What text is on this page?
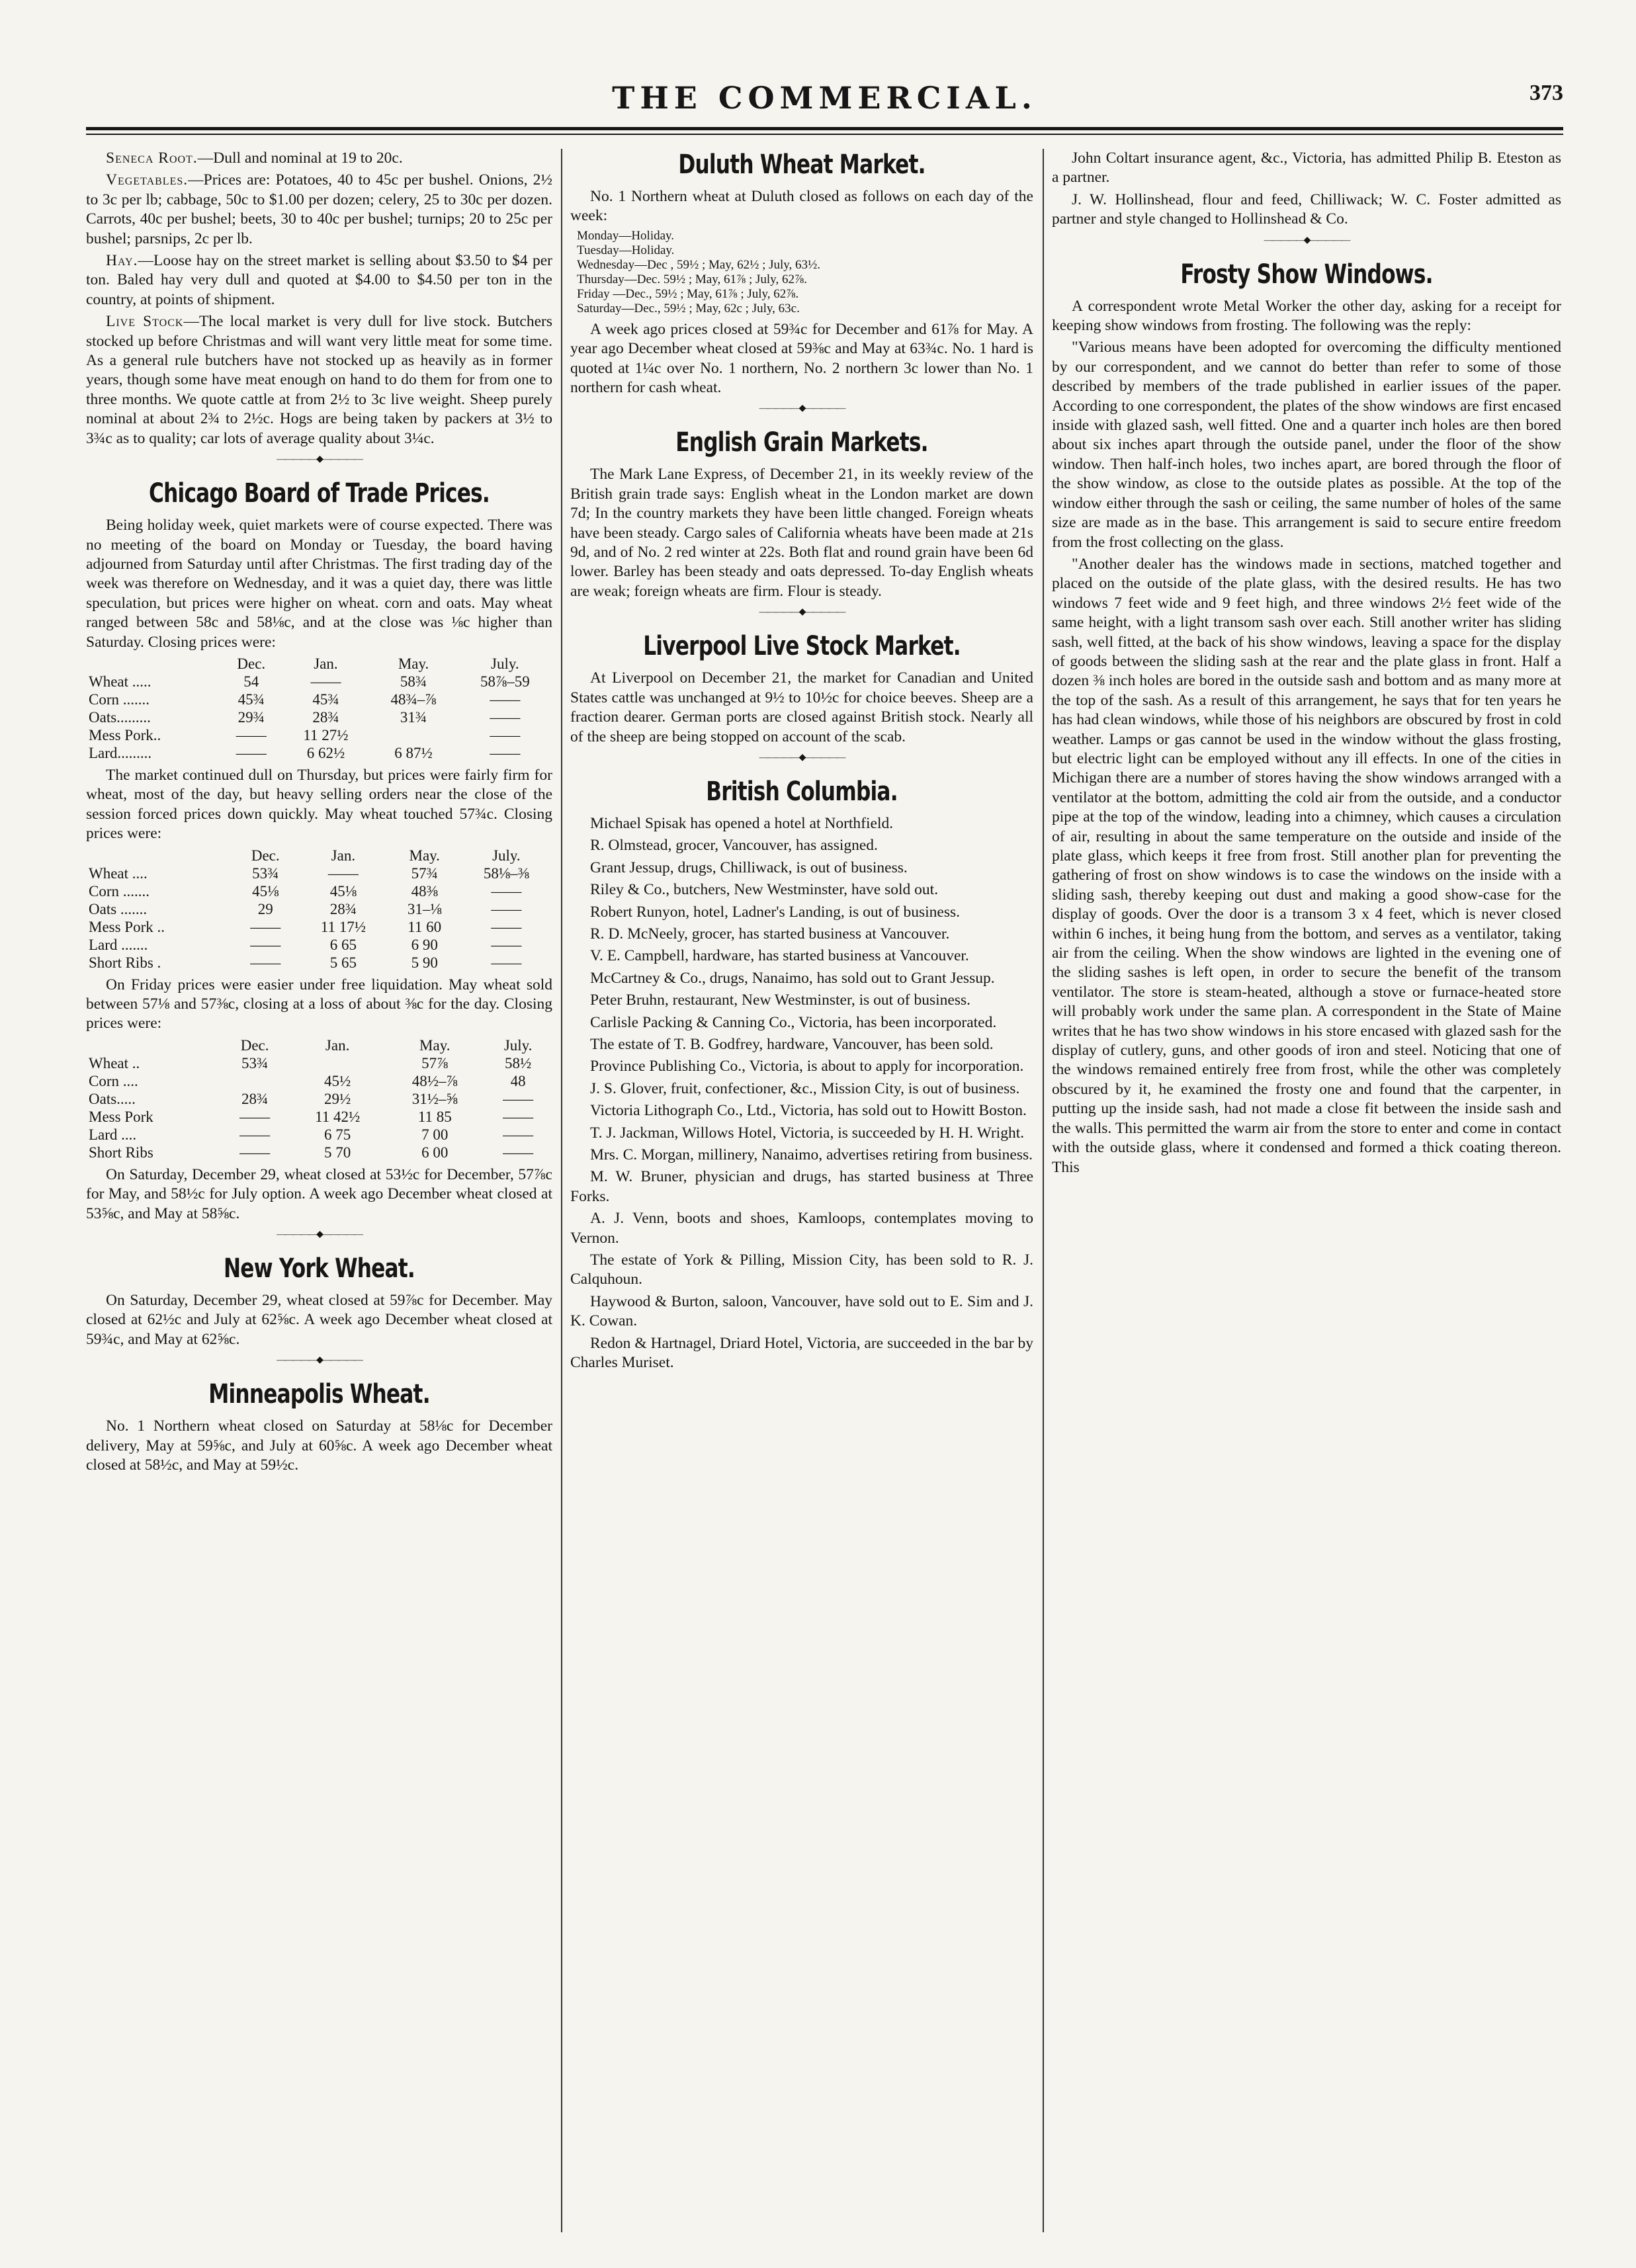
THE COMMERCIAL.	373

Seneca Root.—Dull and nominal at 19 to 20c.

Vegetables.—Prices are: Potatoes, 40 to 45c per bushel. Onions, 2½ to 3c per lb; cabbage, 50c to $1.00 per dozen; celery, 25 to 30c per dozen. Carrots, 40c per bushel; beets, 30 to 40c per bushel; turnips; 20 to 25c per bushel; parsnips, 2c per lb.

Hay.—Loose hay on the street market is selling about $3.50 to $4 per ton. Baled hay very dull and quoted at $4.00 to $4.50 per ton in the country, at points of shipment.

Live Stock—The local market is very dull for live stock. Butchers stocked up before Christmas and will want very little meat for some time. As a general rule butchers have not stocked up as heavily as in former years, though some have meat enough on hand to do them for from one to three months. We quote cattle at from 2½ to 3c live weight. Sheep purely nominal at about 2¾ to 2½c. Hogs are being taken by packers at 3½ to 3¾c as to quality; car lots of average quality about 3¼c.

—————◆—————
Chicago Board of Trade Prices.

Being holiday week, quiet markets were of course expected. There was no meeting of the board on Monday or Tuesday, the board having adjourned from Saturday until after Christmas. The first trading day of the week was therefore on Wednesday, and it was a quiet day, there was little speculation, but prices were higher on wheat. corn and oats. May wheat ranged between 58c and 58⅛c, and at the close was ⅛c higher than Saturday. Closing prices were:

	Dec.	Jan.	May.	July.
Wheat .....	54	——	58¾	58⅞–59
Corn .......	45¾	45¾	48¾–⅞	——
Oats.........	29¾	28¾	31¾	——
Mess Pork..	——	11 27½		——
Lard.........	——	6 62½	6 87½	——

The market continued dull on Thursday, but prices were fairly firm for wheat, most of the day, but heavy selling orders near the close of the session forced prices down quickly. May wheat touched 57¾c. Closing prices were:

	Dec.	Jan.	May.	July.
Wheat ....	53¾	——	57¾	58⅛–⅜
Corn .......	45⅛	45⅛	48⅜	——
Oats .......	29	28¾	31–⅛	——
Mess Pork ..	——	11 17½	11 60	——
Lard .......	——	6 65	6 90	——
Short Ribs .	——	5 65	5 90	——

On Friday prices were easier under free liquidation. May wheat sold between 57⅛ and 57⅜c, closing at a loss of about ⅜c for the day. Closing prices were:

	Dec.	Jan.	May.	July.
Wheat ..	53¾		57⅞	58½
Corn ....		45½	48½–⅞	48
Oats.....	28¾	29½	31½–⅝	——
Mess Pork	——	11 42½	11 85	——
Lard ....	——	6 75	7 00	——
Short Ribs	——	5 70	6 00	——

On Saturday, December 29, wheat closed at 53½c for December, 57⅞c for May, and 58½c for July option. A week ago December wheat closed at 53⅝c, and May at 58⅝c.

—————◆—————
New York Wheat.

On Saturday, December 29, wheat closed at 59⅞c for December. May closed at 62½c and July at 62⅝c. A week ago December wheat closed at 59¾c, and May at 62⅝c.

—————◆—————
Minneapolis Wheat.

No. 1 Northern wheat closed on Saturday at 58⅛c for December delivery, May at 59⅝c, and July at 60⅝c. A week ago December wheat closed at 58½c, and May at 59½c.

Duluth Wheat Market.

No. 1 Northern wheat at Duluth closed as follows on each day of the week:

Monday—Holiday.
Tuesday—Holiday.
Wednesday—Dec , 59½ ; May, 62½ ; July, 63½.
Thursday—Dec. 59½ ; May, 61⅞ ; July, 62⅞.
Friday —Dec., 59½ ; May, 61⅞ ; July, 62⅞.
Saturday—Dec., 59½ ; May, 62c ; July, 63c.

A week ago prices closed at 59¾c for December and 61⅞ for May. A year ago December wheat closed at 59⅜c and May at 63¾c. No. 1 hard is quoted at 1¼c over No. 1 northern, No. 2 northern 3c lower than No. 1 northern for cash wheat.

—————◆—————
English Grain Markets.

The Mark Lane Express, of December 21, in its weekly review of the British grain trade says: English wheat in the London market are down 7d; In the country markets they have been little changed. Foreign wheats have been steady. Cargo sales of California wheats have been made at 21s 9d, and of No. 2 red winter at 22s. Both flat and round grain have been 6d lower. Barley has been steady and oats depressed. To-day English wheats are weak; foreign wheats are firm. Flour is steady.

—————◆—————
Liverpool Live Stock Market.

At Liverpool on December 21, the market for Canadian and United States cattle was unchanged at 9½ to 10½c for choice beeves. Sheep are a fraction dearer. German ports are closed against British stock. Nearly all of the sheep are being stopped on account of the scab.

—————◆—————
British Columbia.

Michael Spisak has opened a hotel at Northfield.

R. Olmstead, grocer, Vancouver, has assigned.

Grant Jessup, drugs, Chilliwack, is out of business.

Riley & Co., butchers, New Westminster, have sold out.

Robert Runyon, hotel, Ladner's Landing, is out of business.

R. D. McNeely, grocer, has started business at Vancouver.

V. E. Campbell, hardware, has started business at Vancouver.

McCartney & Co., drugs, Nanaimo, has sold out to Grant Jessup.

Peter Bruhn, restaurant, New Westminster, is out of business.

Carlisle Packing & Canning Co., Victoria, has been incorporated.

The estate of T. B. Godfrey, hardware, Vancouver, has been sold.

Province Publishing Co., Victoria, is about to apply for incorporation.

J. S. Glover, fruit, confectioner, &c., Mission City, is out of business.

Victoria Lithograph Co., Ltd., Victoria, has sold out to Howitt Boston.

T. J. Jackman, Willows Hotel, Victoria, is succeeded by H. H. Wright.

Mrs. C. Morgan, millinery, Nanaimo, advertises retiring from business.

M. W. Bruner, physician and drugs, has started business at Three Forks.

A. J. Venn, boots and shoes, Kamloops, contemplates moving to Vernon.

The estate of York & Pilling, Mission City, has been sold to R. J. Calquhoun.

Haywood & Burton, saloon, Vancouver, have sold out to E. Sim and J. K. Cowan.

Redon & Hartnagel, Driard Hotel, Victoria, are succeeded in the bar by Charles Muriset.

John Coltart insurance agent, &c., Victoria, has admitted Philip B. Eteston as a partner.

J. W. Hollinshead, flour and feed, Chilliwack; W. C. Foster admitted as partner and style changed to Hollinshead & Co.

—————◆—————
Frosty Show Windows.

A correspondent wrote Metal Worker the other day, asking for a receipt for keeping show windows from frosting. The following was the reply:

"Various means have been adopted for overcoming the difficulty mentioned by our correspondent, and we cannot do better than refer to some of those described by members of the trade published in earlier issues of the paper. According to one correspondent, the plates of the show windows are first encased inside with glazed sash, well fitted. One and a quarter inch holes are then bored about six inches apart through the outside panel, under the floor of the show window. Then half-inch holes, two inches apart, are bored through the floor of the show window, as close to the outside plates as possible. At the top of the window either through the sash or ceiling, the same number of holes of the same size are made as in the base. This arrangement is said to secure entire freedom from the frost collecting on the glass.

"Another dealer has the windows made in sections, matched together and placed on the outside of the plate glass, with the desired results. He has two windows 7 feet wide and 9 feet high, and three windows 2½ feet wide of the same height, with a light transom sash over each. Still another writer has sliding sash, well fitted, at the back of his show windows, leaving a space for the display of goods between the sliding sash at the rear and the plate glass in front. Half a dozen ⅜ inch holes are bored in the outside sash and bottom and as many more at the top of the sash. As a result of this arrangement, he says that for ten years he has had clean windows, while those of his neighbors are obscured by frost in cold weather. Lamps or gas cannot be used in the window without the glass frosting, but electric light can be employed without any ill effects. In one of the cities in Michigan there are a number of stores having the show windows arranged with a ventilator at the bottom, admitting the cold air from the outside, and a conductor pipe at the top of the window, leading into a chimney, which causes a circulation of air, resulting in about the same temperature on the outside and inside of the plate glass, which keeps it free from frost. Still another plan for preventing the gathering of frost on show windows is to case the windows on the inside with a sliding sash, thereby keeping out dust and making a good show-case for the display of goods. Over the door is a transom 3 x 4 feet, which is never closed within 6 inches, it being hung from the bottom, and serves as a ventilator, taking air from the ceiling. When the show windows are lighted in the evening one of the sliding sashes is left open, in order to secure the benefit of the transom ventilator. The store is steam-heated, although a stove or furnace-heated store will probably work under the same plan. A correspondent in the State of Maine writes that he has two show windows in his store encased with glazed sash for the display of cutlery, guns, and other goods of iron and steel. Noticing that one of the windows remained entirely free from frost, while the other was completely obscured by it, he examined the frosty one and found that the carpenter, in putting up the inside sash, had not made a close fit between the inside sash and the walls. This permitted the warm air from the store to enter and come in contact with the outside glass, where it condensed and formed a thick coating thereon. This
